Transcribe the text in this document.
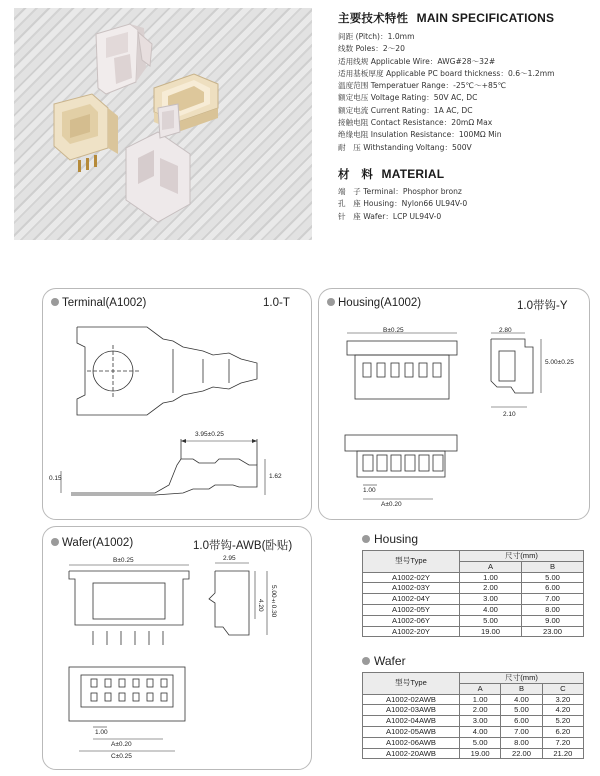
主要技术特性 MAIN SPECIFICATIONS
间距 (Pitch)：1.0mm
线数 Poles：2～20
适用线规 Applicable Wire：AWG#28～32#
适用基板厚度 Applicable PC board thickness：0.6～1.2mm
温度范围 Temperatuer Range：-25℃～+85℃
额定电压 Voltage Rating：50V AC, DC
额定电流 Current Rating：1A AC, DC
接触电阻 Contact Resistance：20mΩ Max
绝缘电阻 Insulation Resistance：100MΩ Min
耐　压 Withstanding Voltang：500V
材　料 MATERIAL
端　子 Terminal：Phosphor bronz
孔　座 Housing：Nylon66 UL94V-0
针　座 Wafer：LCP UL94V-0
Terminal(A1002)	1.0-T
3.95±0.25
0.15	1.62
Housing(A1002)	1.0带钩-Y
B±0.25	2.80
5.00±0.25
2.10
1.00
A±0.20
Wafer(A1002)	1.0带钩-AWB(卧贴)
B±0.25	2.95
4.20 5.00±0.30
1.00
A±0.20
C±0.25
Housing
型号Type	尺寸(mm)	
	A	B
A1002-02Y	1.00	5.00
A1002-03Y	2.00	6.00
A1002-04Y	3.00	7.00
A1002-05Y	4.00	8.00
A1002-06Y	5.00	9.00
A1002-20Y	19.00	23.00
Wafer
型号Type	尺寸(mm)		
	A	B	C
A1002-02AWB	1.00	4.00	3.20
A1002-03AWB	2.00	5.00	4.20
A1002-04AWB	3.00	6.00	5.20
A1002-05AWB	4.00	7.00	6.20
A1002-06AWB	5.00	8.00	7.20
A1002-20AWB	19.00	22.00	21.20
